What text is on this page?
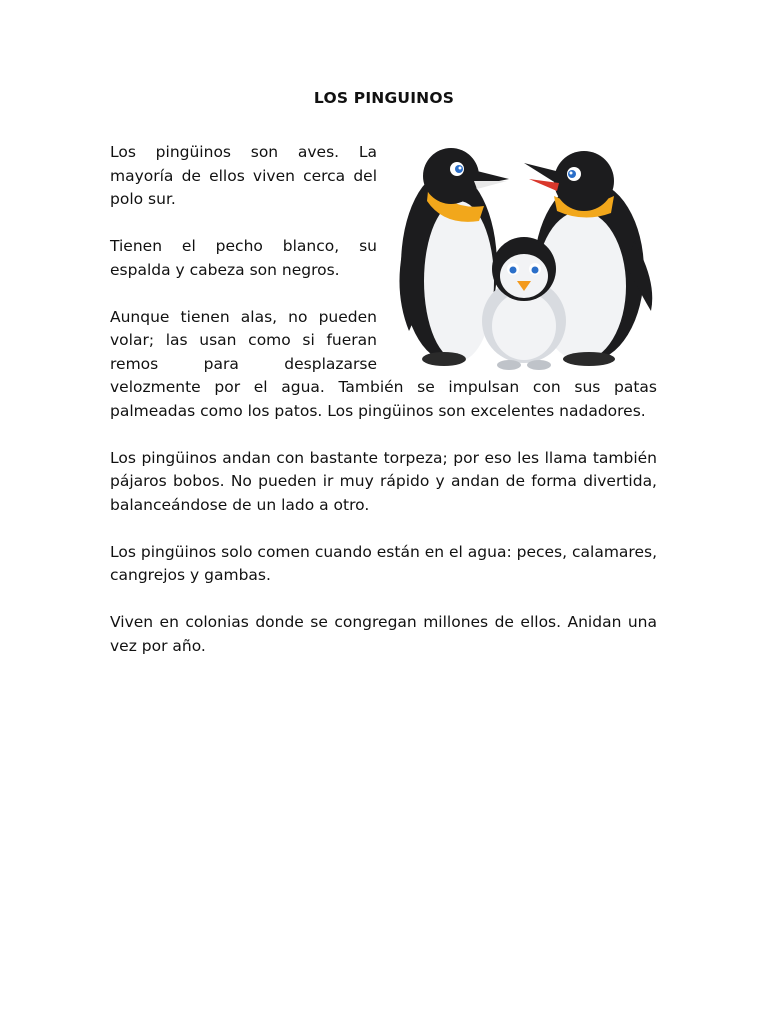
LOS PINGUINOS

Los pingüinos son aves. La mayoría de ellos viven cerca del polo sur.

Tienen el pecho blanco, su espalda y cabeza son negros.

Aunque tienen alas, no pueden volar; las usan como si fueran remos para desplazarse velozmente por el agua. También se impulsan con sus patas palmeadas como los patos. Los pingüinos son excelentes nadadores.

Los pingüinos andan con bastante torpeza; por eso les llama también pájaros bobos. No pueden ir muy rápido y andan de forma divertida, balanceándose de un lado a otro.

Los pingüinos solo comen cuando están en el agua: peces, calamares, cangrejos y gambas.

Viven en colonias donde se congregan millones de ellos. Anidan una vez por año.
